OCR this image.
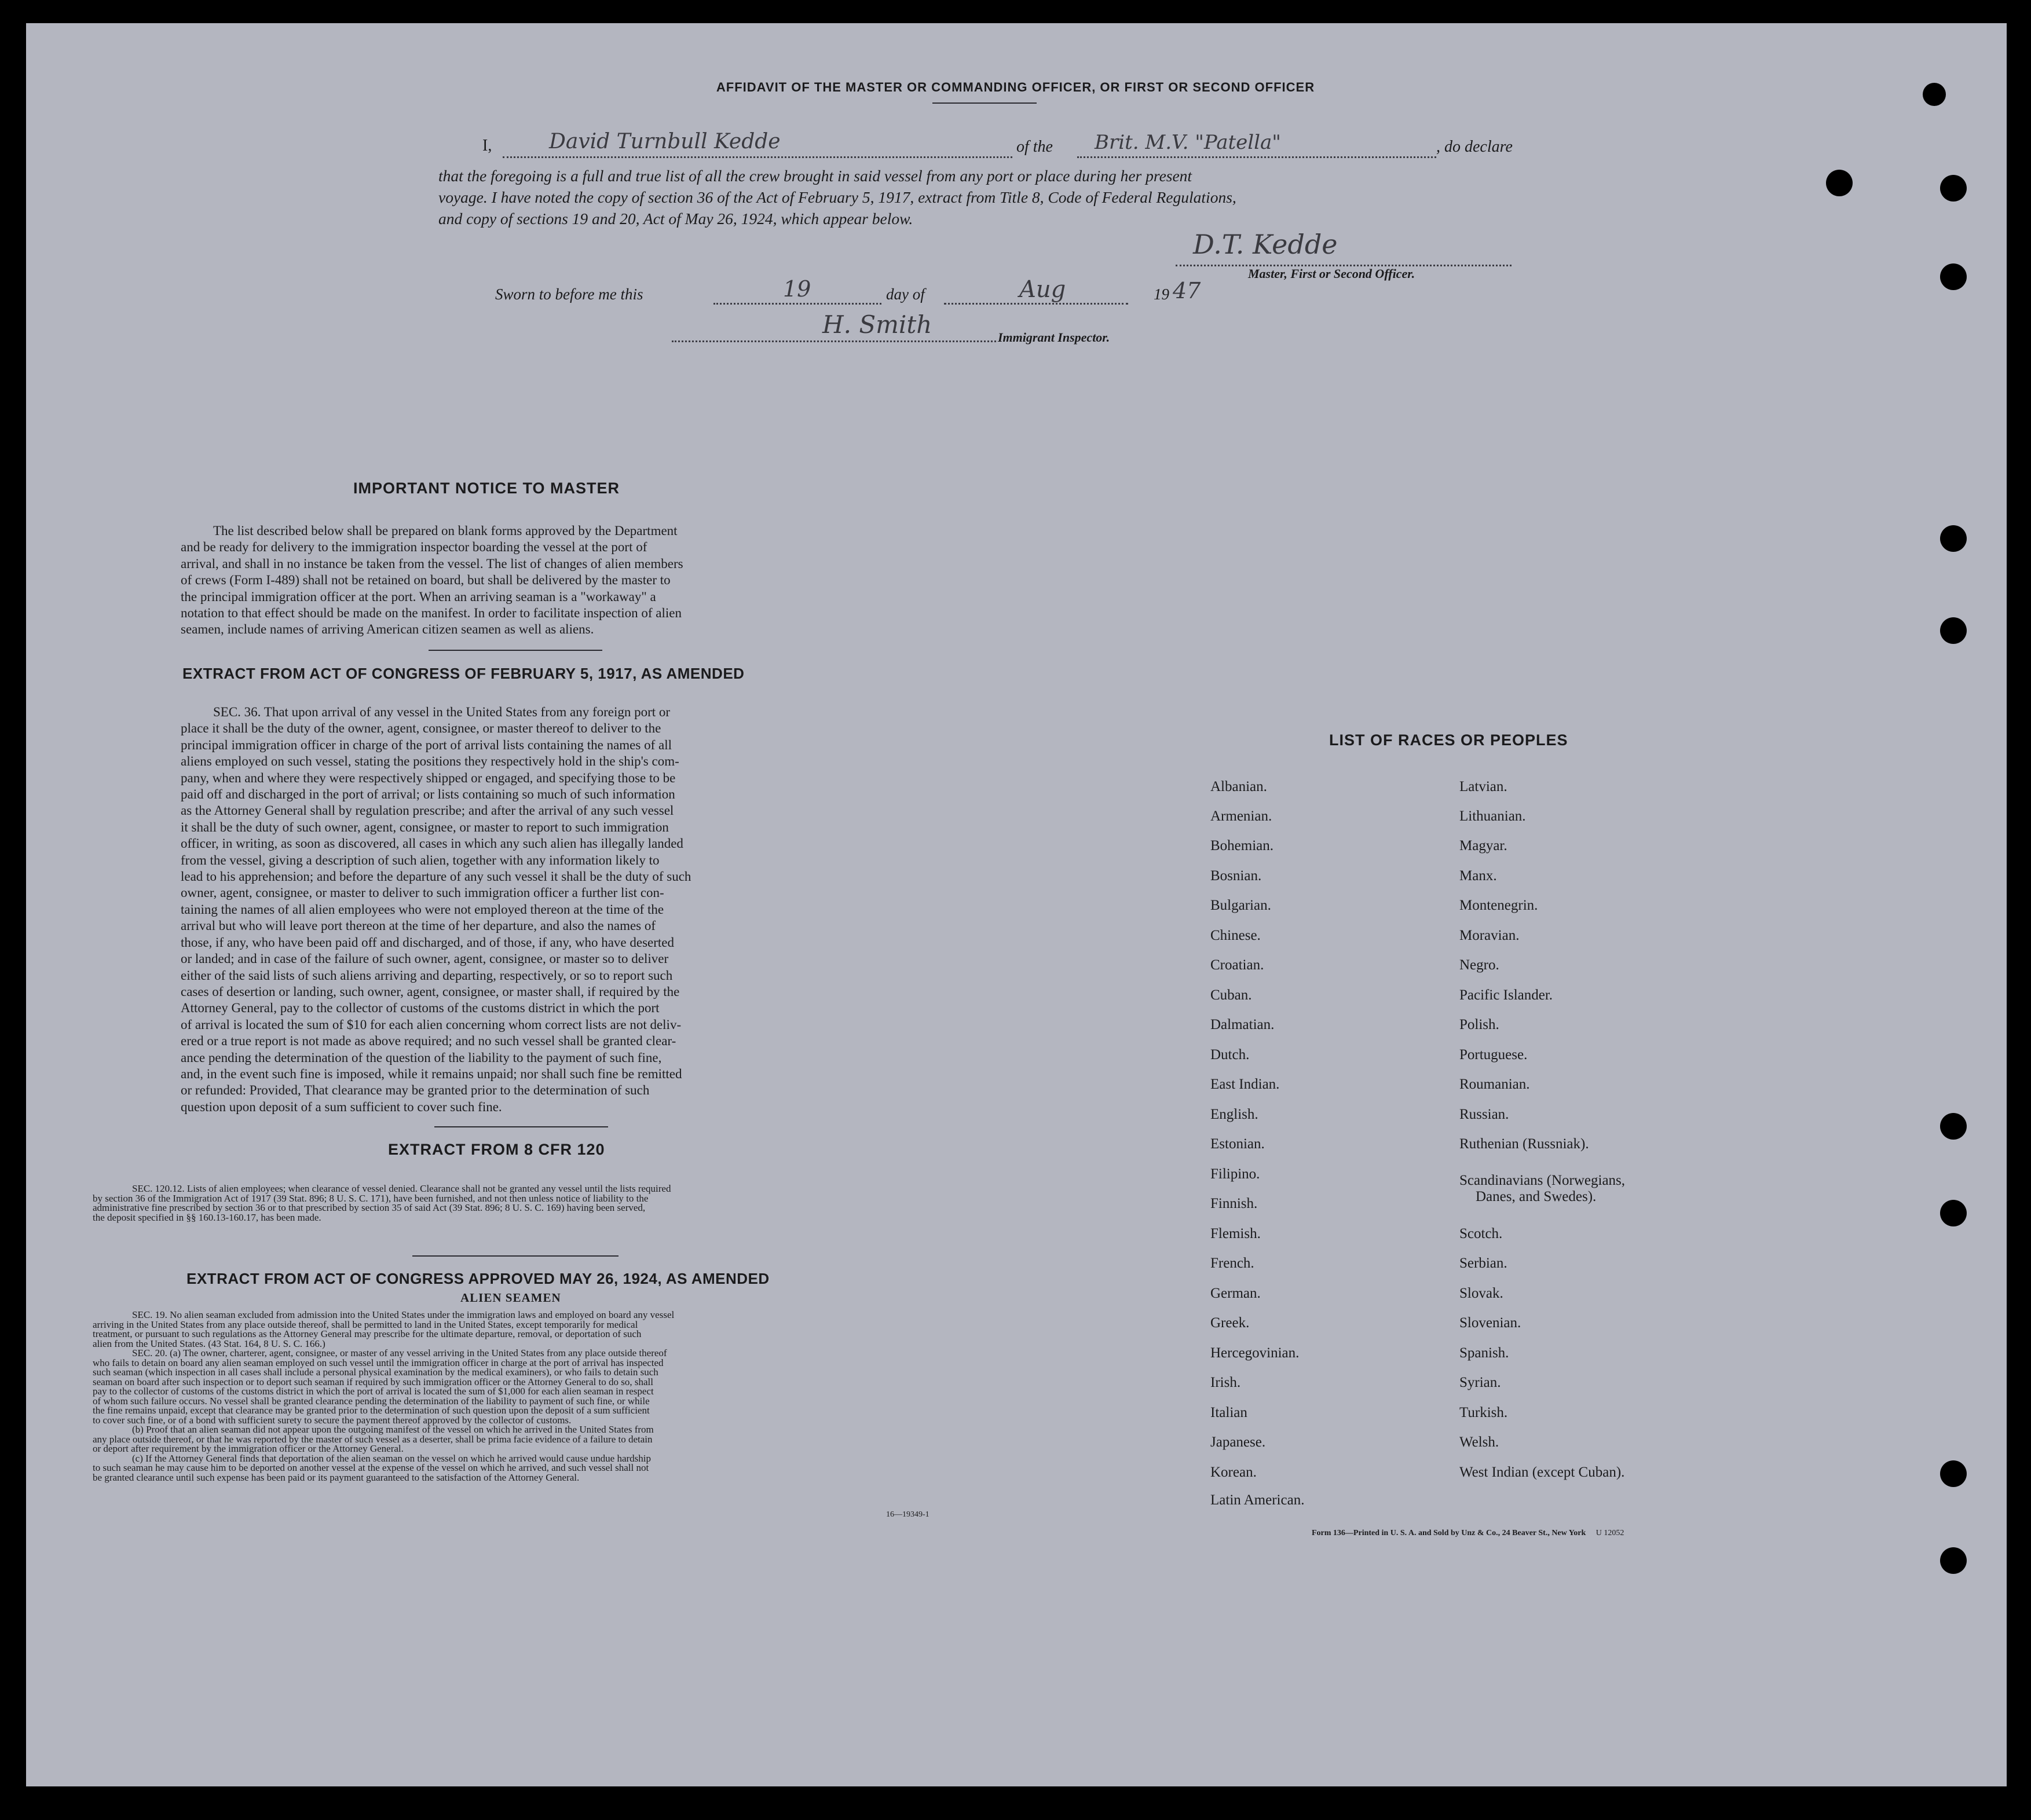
AFFIDAVIT OF THE MASTER OR COMMANDING OFFICER, OR FIRST OR SECOND OFFICER
I,	David Turnbull Kedde	of the Brit. M.V. "Patella"	, do declare
that the foregoing is a full and true list of all the crew brought in said vessel from any port or place during her present
voyage. I have noted the copy of section 36 of the Act of February 5, 1917, extract from Title 8, Code of Federal Regulations,
and copy of sections 19 and 20, Act of May 26, 1924, which appear below.
D.T. Kedde
Master, First or Second Officer.
Sworn to before me this	19	day of	Aug	19 47
H. Smith	Immigrant Inspector.
IMPORTANT NOTICE TO MASTER
The list described below shall be prepared on blank forms approved by the Department
and be ready for delivery to the immigration inspector boarding the vessel at the port of
arrival, and shall in no instance be taken from the vessel. The list of changes of alien members
of crews (Form I-489) shall not be retained on board, but shall be delivered by the master to
the principal immigration officer at the port. When an arriving seaman is a "workaway" a
notation to that effect should be made on the manifest. In order to facilitate inspection of alien
seamen, include names of arriving American citizen seamen as well as aliens.
EXTRACT FROM ACT OF CONGRESS OF FEBRUARY 5, 1917, AS AMENDED
SEC. 36. That upon arrival of any vessel in the United States from any foreign port or
place it shall be the duty of the owner, agent, consignee, or master thereof to deliver to the
principal immigration officer in charge of the port of arrival lists containing the names of all
aliens employed on such vessel, stating the positions they respectively hold in the ship's com-
pany, when and where they were respectively shipped or engaged, and specifying those to be
paid off and discharged in the port of arrival; or lists containing so much of such information
as the Attorney General shall by regulation prescribe; and after the arrival of any such vessel
it shall be the duty of such owner, agent, consignee, or master to report to such immigration
officer, in writing, as soon as discovered, all cases in which any such alien has illegally landed
from the vessel, giving a description of such alien, together with any information likely to
lead to his apprehension; and before the departure of any such vessel it shall be the duty of such
owner, agent, consignee, or master to deliver to such immigration officer a further list con-
taining the names of all alien employees who were not employed thereon at the time of the
arrival but who will leave port thereon at the time of her departure, and also the names of
those, if any, who have been paid off and discharged, and of those, if any, who have deserted
or landed; and in case of the failure of such owner, agent, consignee, or master so to deliver
either of the said lists of such aliens arriving and departing, respectively, or so to report such
cases of desertion or landing, such owner, agent, consignee, or master shall, if required by the
Attorney General, pay to the collector of customs of the customs district in which the port
of arrival is located the sum of $10 for each alien concerning whom correct lists are not deliv-
ered or a true report is not made as above required; and no such vessel shall be granted clear-
ance pending the determination of the question of the liability to the payment of such fine,
and, in the event such fine is imposed, while it remains unpaid; nor shall such fine be remitted
or refunded: Provided, That clearance may be granted prior to the determination of such
question upon deposit of a sum sufficient to cover such fine.
EXTRACT FROM 8 CFR 120
SEC. 120.12. Lists of alien employees; when clearance of vessel denied. Clearance shall not be granted any vessel until the lists required
by section 36 of the Immigration Act of 1917 (39 Stat. 896; 8 U. S. C. 171), have been furnished, and not then unless notice of liability to the
administrative fine prescribed by section 36 or to that prescribed by section 35 of said Act (39 Stat. 896; 8 U. S. C. 169) having been served,
the deposit specified in §§ 160.13-160.17, has been made.
EXTRACT FROM ACT OF CONGRESS APPROVED MAY 26, 1924, AS AMENDED
ALIEN SEAMEN
SEC. 19. No alien seaman excluded from admission into the United States under the immigration laws and employed on board any vessel
arriving in the United States from any place outside thereof, shall be permitted to land in the United States, except temporarily for medical
treatment, or pursuant to such regulations as the Attorney General may prescribe for the ultimate departure, removal, or deportation of such
alien from the United States. (43 Stat. 164, 8 U. S. C. 166.)
SEC. 20. (a) The owner, charterer, agent, consignee, or master of any vessel arriving in the United States from any place outside thereof
who fails to detain on board any alien seaman employed on such vessel until the immigration officer in charge at the port of arrival has inspected
such seaman (which inspection in all cases shall include a personal physical examination by the medical examiners), or who fails to detain such
seaman on board after such inspection or to deport such seaman if required by such immigration officer or the Attorney General to do so, shall
pay to the collector of customs of the customs district in which the port of arrival is located the sum of $1,000 for each alien seaman in respect
of whom such failure occurs. No vessel shall be granted clearance pending the determination of the liability to payment of such fine, or while
the fine remains unpaid, except that clearance may be granted prior to the determination of such question upon the deposit of a sum sufficient
to cover such fine, or of a bond with sufficient surety to secure the payment thereof approved by the collector of customs.
(b) Proof that an alien seaman did not appear upon the outgoing manifest of the vessel on which he arrived in the United States from
any place outside thereof, or that he was reported by the master of such vessel as a deserter, shall be prima facie evidence of a failure to detain
or deport after requirement by the immigration officer or the Attorney General.
(c) If the Attorney General finds that deportation of the alien seaman on the vessel on which he arrived would cause undue hardship
to such seaman he may cause him to be deported on another vessel at the expense of the vessel on which he arrived, and such vessel shall not
be granted clearance until such expense has been paid or its payment guaranteed to the satisfaction of the Attorney General.
16—19349-1
LIST OF RACES OR PEOPLES
Albanian.
Armenian.
Bohemian.
Bosnian.
Bulgarian.
Chinese.
Croatian.
Cuban.
Dalmatian.
Dutch.
East Indian.
English.
Estonian.
Filipino.
Finnish.
Flemish.
French.
German.
Greek.
Hercegovinian.
Irish.
Italian
Japanese.
Korean.
Latin American.
Latvian.
Lithuanian.
Magyar.
Manx.
Montenegrin.
Moravian.
Negro.
Pacific Islander.
Polish.
Portuguese.
Roumanian.
Russian.
Ruthenian (Russniak).
Scandinavians (Norwegians,
Danes, and Swedes).
Scotch.
Serbian.
Slovak.
Slovenian.
Spanish.
Syrian.
Turkish.
Welsh.
West Indian (except Cuban).
Form 136—Printed in U. S. A. and Sold by Unz & Co., 24 Beaver St., New York U 12052
